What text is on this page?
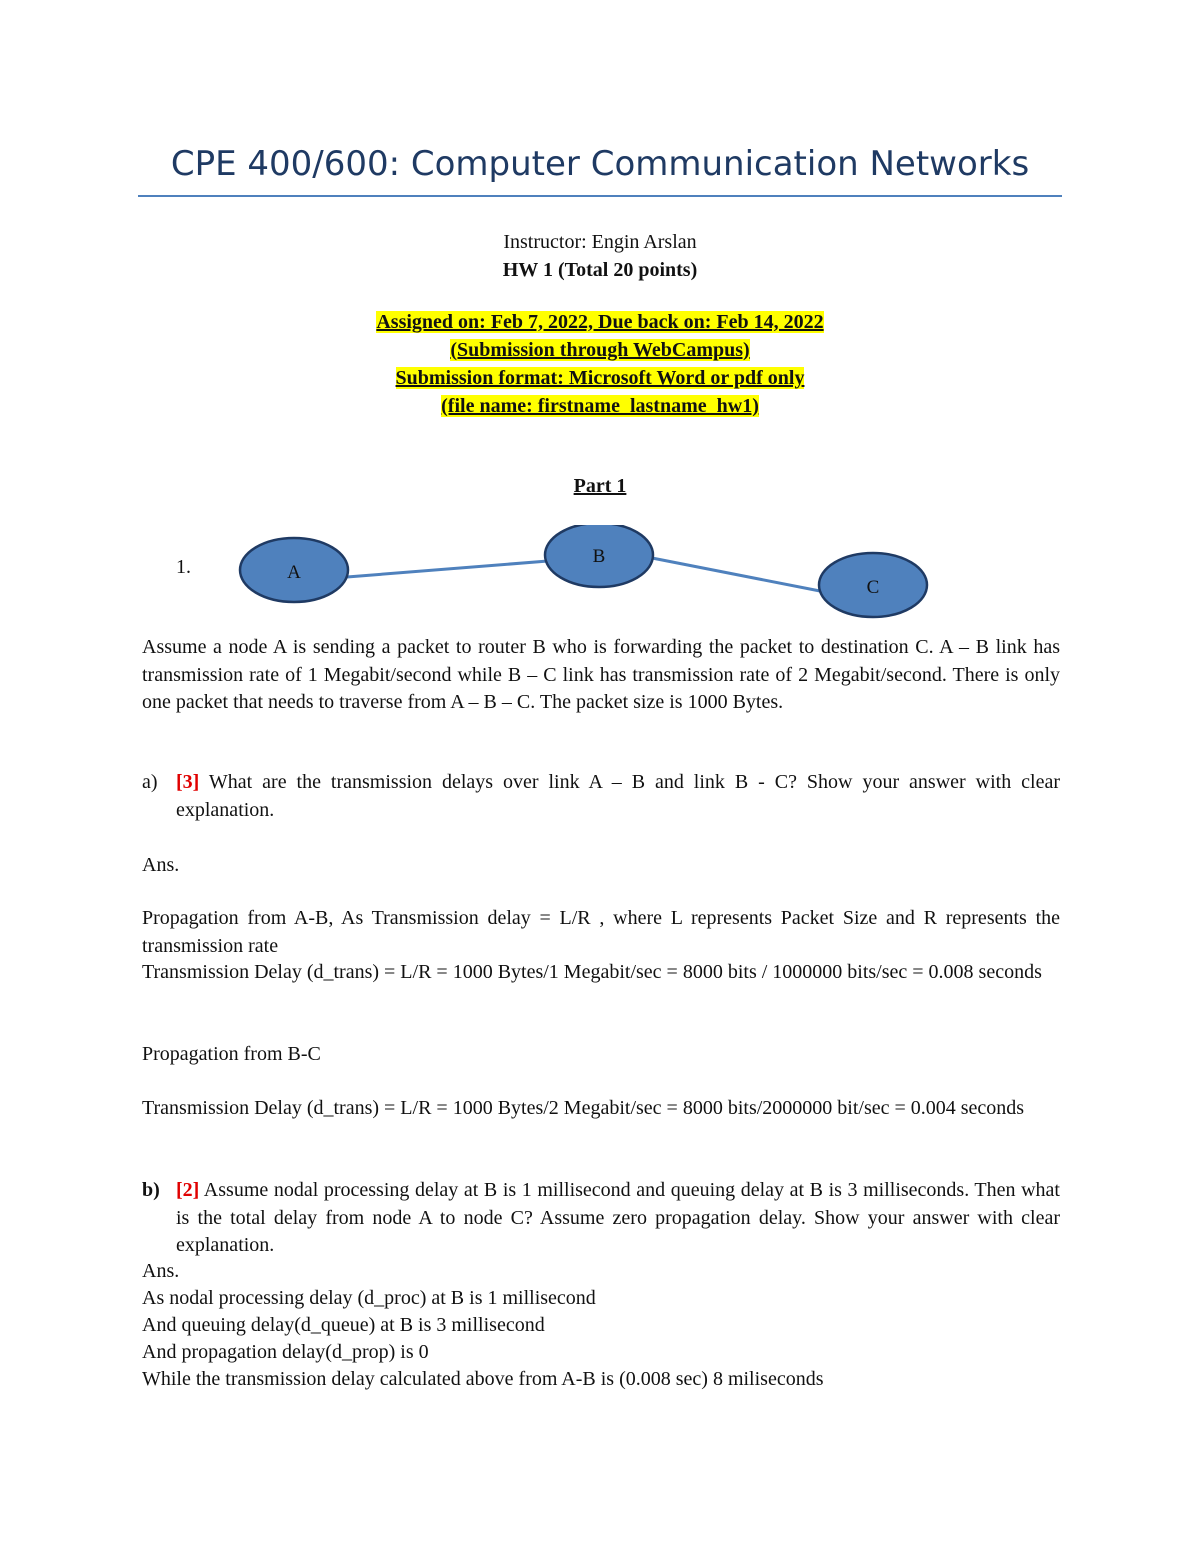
CPE 400/600: Computer Communication Networks
Instructor: Engin Arslan
HW 1 (Total 20 points)
Assigned on: Feb 7, 2022, Due back on: Feb 14, 2022
(Submission through WebCampus)
Submission format: Microsoft Word or pdf only
(file name: firstname_lastname_hw1)
Part 1
1.	A
B
C
Assume a node A is sending a packet to router B who is forwarding the packet to destination C. A – B link has transmission rate of 1 Megabit/second while B – C link has transmission rate of 2 Megabit/second. There is only one packet that needs to traverse from A – B – C. The packet size is 1000 Bytes.
a) [3] What are the transmission delays over link A – B and link B - C? Show your answer with clear explanation.
Ans.
Propagation from A-B, As Transmission delay = L/R , where L represents Packet Size and R represents the transmission rate
Transmission Delay (d_trans) = L/R = 1000 Bytes/1 Megabit/sec = 8000 bits / 1000000 bits/sec = 0.008 seconds
Propagation from B-C
Transmission Delay (d_trans) = L/R = 1000 Bytes/2 Megabit/sec = 8000 bits/2000000 bit/sec = 0.004 seconds
b) [2] Assume nodal processing delay at B is 1 millisecond and queuing delay at B is 3 milliseconds. Then what is the total delay from node A to node C? Assume zero propagation delay. Show your answer with clear explanation.
Ans.
As nodal processing delay (d_proc) at B is 1 millisecond
And queuing delay(d_queue) at B is 3 millisecond
And propagation delay(d_prop) is 0
While the transmission delay calculated above from A-B is (0.008 sec) 8 miliseconds
